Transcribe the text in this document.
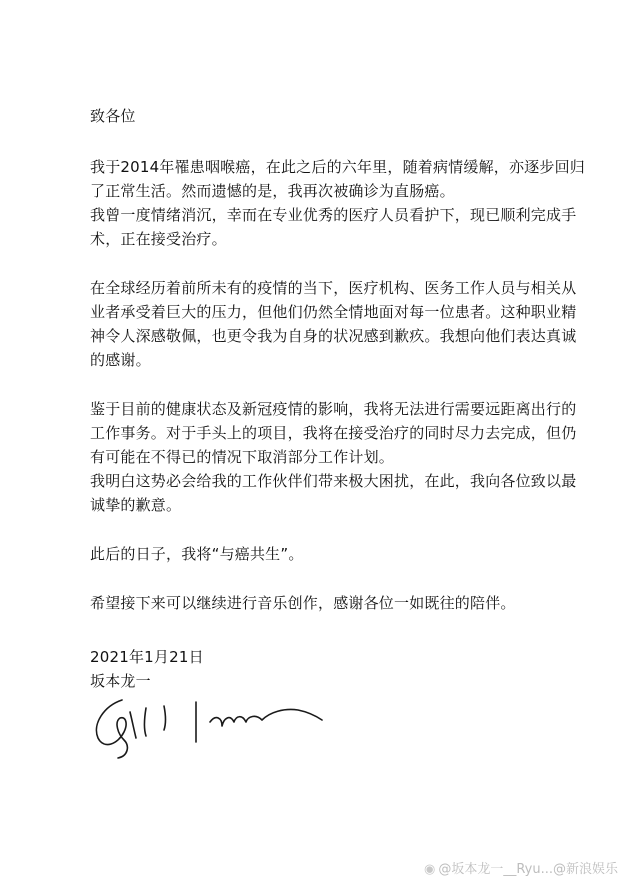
致各位
我于2014年罹患咽喉癌，在此之后的六年里，随着病情缓解，亦逐步回归
了正常生活。然而遗憾的是，我再次被确诊为直肠癌。
我曾一度情绪消沉，幸而在专业优秀的医疗人员看护下，现已顺利完成手
术，正在接受治疗。
在全球经历着前所未有的疫情的当下，医疗机构、医务工作人员与相关从
业者承受着巨大的压力，但他们仍然全情地面对每一位患者。这种职业精
神令人深感敬佩，也更令我为自身的状况感到歉疚。我想向他们表达真诚
的感谢。
鉴于目前的健康状态及新冠疫情的影响，我将无法进行需要远距离出行的
工作事务。对于手头上的项目，我将在接受治疗的同时尽力去完成，但仍
有可能在不得已的情况下取消部分工作计划。
我明白这势必会给我的工作伙伴们带来极大困扰，在此，我向各位致以最
诚挚的歉意。
此后的日子，我将“与癌共生”。
希望接下来可以继续进行音乐创作，感谢各位一如既往的陪伴。
2021年1月21日
坂本龙一
◉ @坂本龙一__Ryu...@新浪娱乐
